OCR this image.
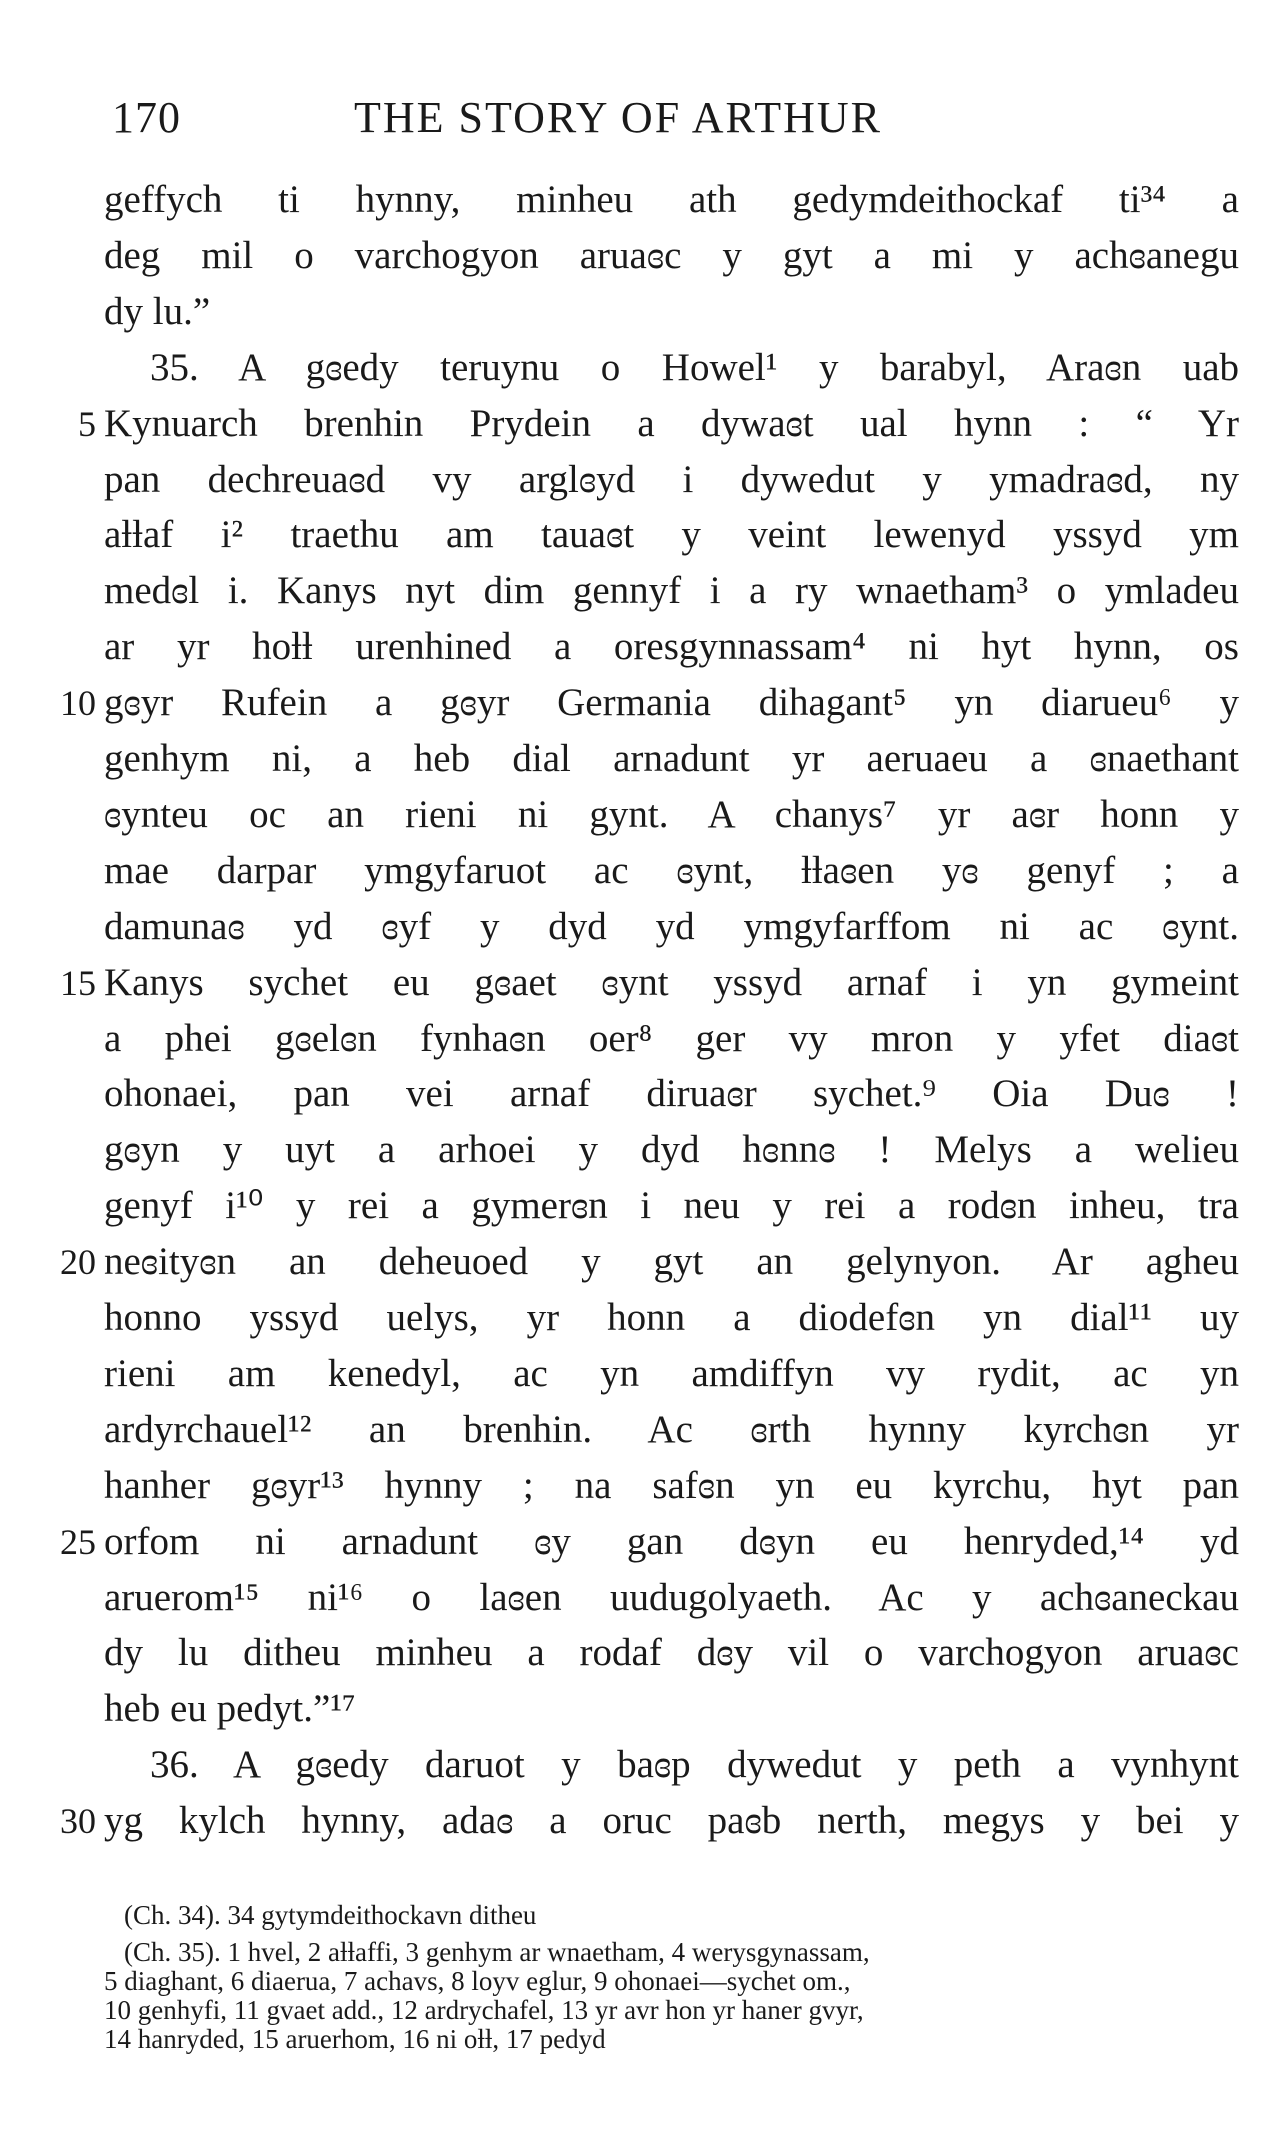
170	THE STORY OF ARTHUR
geffych ti hynny, minheu ath gedymdeithockaf ti³⁴ a
deg mil o varchogyon aruaɞc y gyt a mi y achɞanegu
dy lu.”
35. A gɞedy teruynu o Howel¹ y barabyl, Araɞn uab
Kynuarch brenhin Prydein a dywaɞt ual hynn : “ Yr
5
pan dechreuaɞd vy arglɞyd i dywedut y ymadraɞd, ny
aƚƚaf i² traethu am tauaɞt y veint lewenyd yssyd ym
medɞl i. Kanys nyt dim gennyf i a ry wnaetham³ o ymladeu
ar yr hoƚƚ urenhined a oresgynnassam⁴ ni hyt hynn, os
gɞyr Rufein a gɞyr Germania dihagant⁵ yn diarueu⁶ y
10
genhym ni, a heb dial arnadunt yr aeruaeu a ɞnaethant
ɞynteu oc an rieni ni gynt. A chanys⁷ yr aɞr honn y
mae darpar ymgyfaruot ac ɞynt, ƚƚaɞen yɞ genyf ; a
damunaɞ yd ɞyf y dyd yd ymgyfarffom ni ac ɞynt.
Kanys sychet eu gɞaet ɞynt yssyd arnaf i yn gymeint
15
a phei gɞelɞn fynhaɞn oer⁸ ger vy mron y yfet diaɞt
ohonaei, pan vei arnaf diruaɞr sychet.⁹ Oia Duɞ !
gɞyn y uyt a arhoei y dyd hɞnnɞ ! Melys a welieu
genyf i¹⁰ y rei a gymerɞn i neu y rei a rodɞn inheu, tra
neɞityɞn an deheuoed y gyt an gelynyon. Ar agheu
20
honno yssyd uelys, yr honn a diodefɞn yn dial¹¹ uy
rieni am kenedyl, ac yn amdiffyn vy rydit, ac yn
ardyrchauel¹² an brenhin. Ac ɞrth hynny kyrchɞn yr
hanher gɞyr¹³ hynny ; na safɞn yn eu kyrchu, hyt pan
orfom ni arnadunt ɞy gan dɞyn eu henryded,¹⁴ yd
25
aruerom¹⁵ ni¹⁶ o laɞen uudugolyaeth. Ac y achɞaneckau
dy lu ditheu minheu a rodaf dɞy vil o varchogyon aruaɞc
heb eu pedyt.”¹⁷
36. A gɞedy daruot y baɞp dywedut y peth a vynhynt
yg kylch hynny, adaɞ a oruc paɞb nerth, megys y bei y
30
(Ch. 34). 34 gytymdeithockavn ditheu
(Ch. 35). 1 hvel, 2 aƚƚaffi, 3 genhym ar wnaetham, 4 werysgynassam,
5 diaghant, 6 diaerua, 7 achavs, 8 loyv eglur, 9 ohonaei—sychet om.,
10 genhyfi, 11 gvaet add., 12 ardrychafel, 13 yr avr hon yr haner gvyr,
14 hanryded, 15 aruerhom, 16 ni oƚƚ, 17 pedyd
